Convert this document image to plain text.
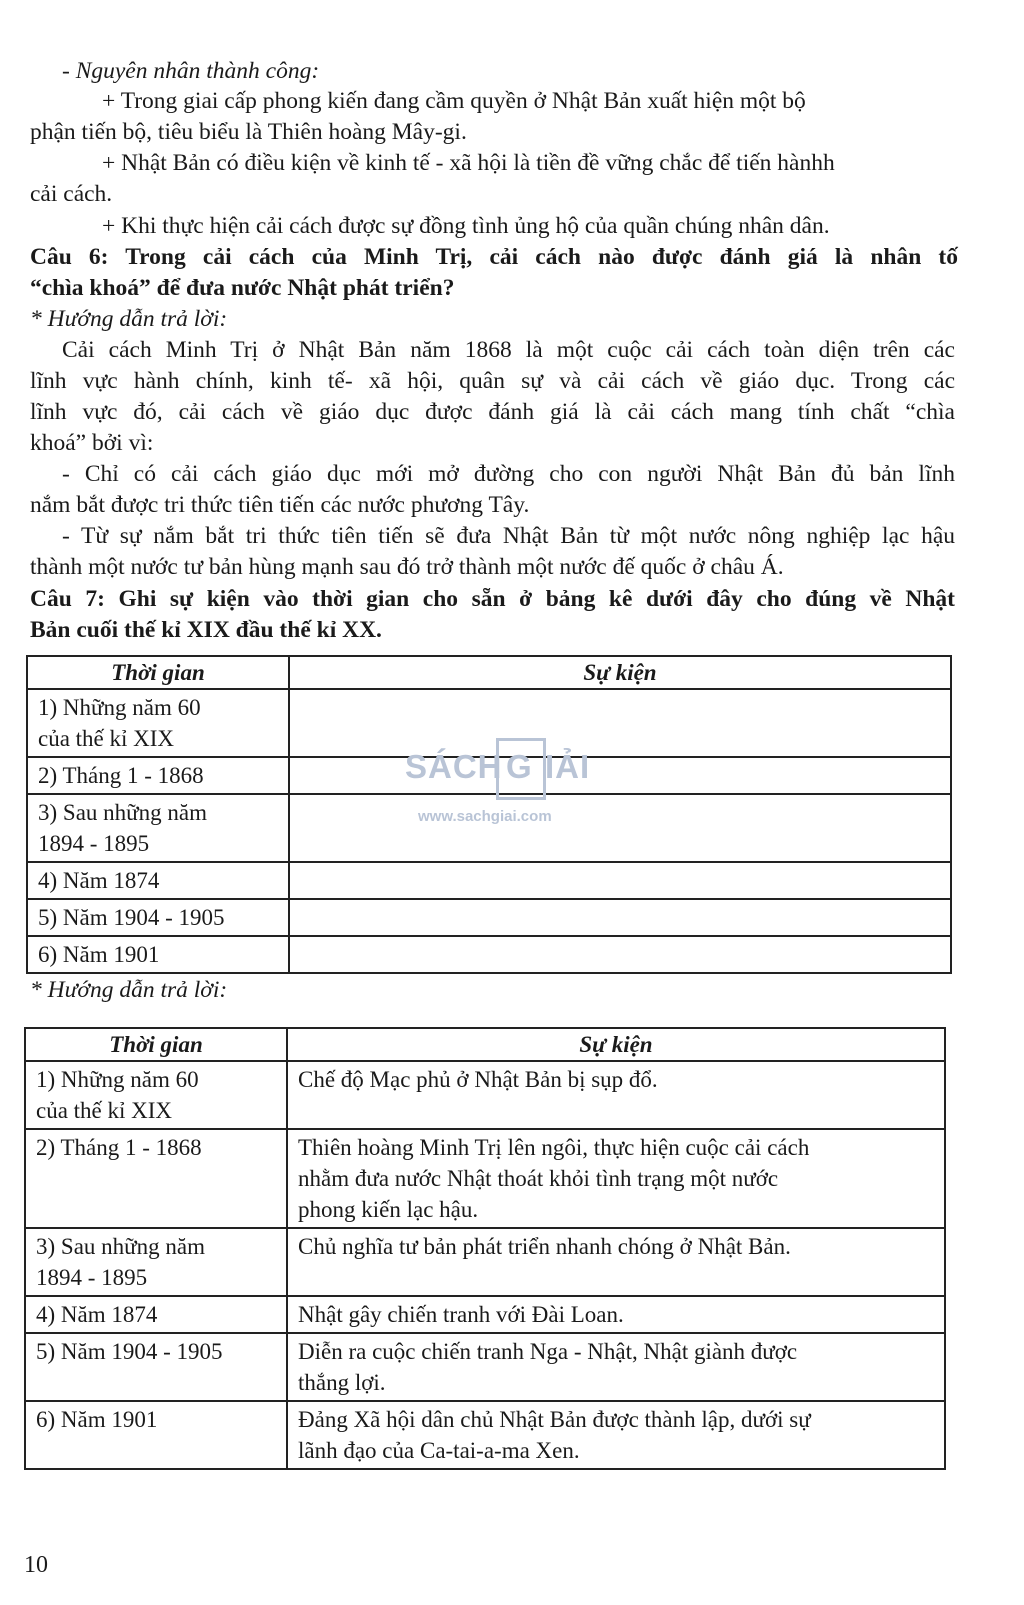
- Nguyên nhân thành công:
+ Trong giai cấp phong kiến đang cầm quyền ở Nhật Bản xuất hiện một bộ
phận tiến bộ, tiêu biểu là Thiên hoàng Mây-gi.
+ Nhật Bản có điều kiện về kinh tế - xã hội là tiền đề vững chắc để tiến hànhh
cải cách.
+ Khi thực hiện cải cách được sự đồng tình ủng hộ của quần chúng nhân dân.
Câu 6: Trong cải cách của Minh Trị, cải cách nào được đánh giá là nhân tố
“chìa khoá” để đưa nước Nhật phát triển?
* Hướng dẫn trả lời:
Cải cách Minh Trị ở Nhật Bản năm 1868 là một cuộc cải cách toàn diện trên các
lĩnh vực hành chính, kinh tế- xã hội, quân sự và cải cách về giáo dục. Trong các
lĩnh vực đó, cải cách về giáo dục được đánh giá là cải cách mang tính chất “chìa
khoá” bởi vì:
- Chỉ có cải cách giáo dục mới mở đường cho con người Nhật Bản đủ bản lĩnh
nắm bắt được tri thức tiên tiến các nước phương Tây.
- Từ sự nắm bắt tri thức tiên tiến sẽ đưa Nhật Bản từ một nước nông nghiệp lạc hậu
thành một nước tư bản hùng mạnh sau đó trở thành một nước đế quốc ở châu Á.
Câu 7: Ghi sự kiện vào thời gian cho sẵn ở bảng kê dưới đây cho đúng về Nhật
Bản cuối thế kỉ XIX đầu thế kỉ XX.
Thời gian	Sự kiện

1) Những năm 60
của thế kỉ XIX	

2) Tháng 1 - 1868	

3) Sau những năm
1894 - 1895	

4) Năm 1874	

5) Năm 1904 - 1905	

6) Năm 1901	

SÁCH G IẢI
www.sachgiai.com
* Hướng dẫn trả lời:
Thời gian	Sự kiện

1) Những năm 60
của thế kỉ XIX	Chế độ Mạc phủ ở Nhật Bản bị sụp đổ.

2) Tháng 1 - 1868	Thiên hoàng Minh Trị lên ngôi, thực hiện cuộc cải cách
nhằm đưa nước Nhật thoát khỏi tình trạng một nước
phong kiến lạc hậu.

3) Sau những năm
1894 - 1895	Chủ nghĩa tư bản phát triển nhanh chóng ở Nhật Bản.

4) Năm 1874	Nhật gây chiến tranh với Đài Loan.

5) Năm 1904 - 1905	Diễn ra cuộc chiến tranh Nga - Nhật, Nhật giành được
thắng lợi.

6) Năm 1901	Đảng Xã hội dân chủ Nhật Bản được thành lập, dưới sự
lãnh đạo của Ca-tai-a-ma Xen.
10
